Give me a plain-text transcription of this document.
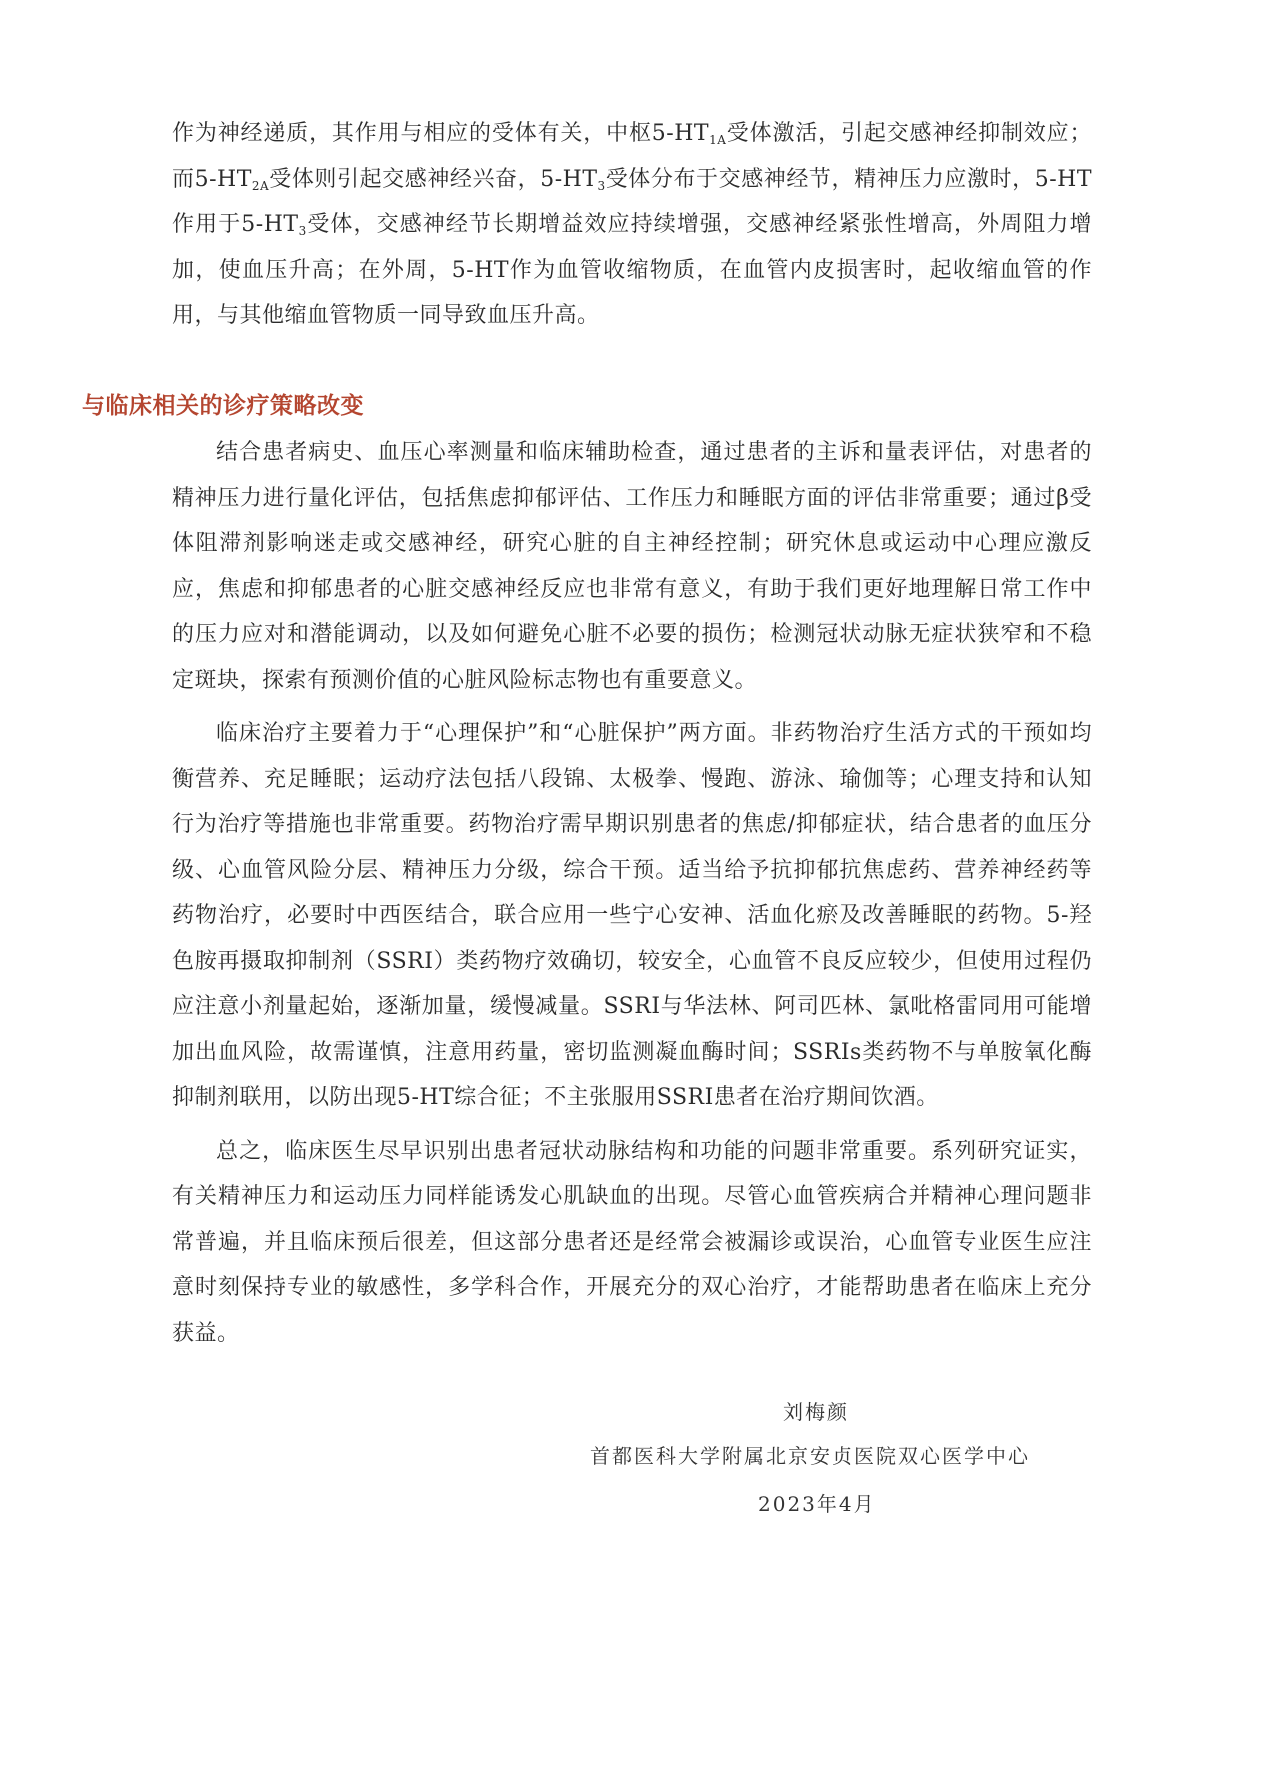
作为神经递质，其作用与相应的受体有关，中枢$5-HT_{1A}$受体激活，引起交感神经抑制效应；而$5-HT_{2A}$受体则引起交感神经兴奋，$5-HT_3$受体分布于交感神经节，精神压力应激时，5-HT作用于$5-HT_3$受体，交感神经节长期增益效应持续增强，交感神经紧张性增高，外周阻力增加，使血压升高；在外周，5-HT作为血管收缩物质，在血管内皮损害时，起收缩血管的作用，与其他缩血管物质一同导致血压升高。

与临床相关的诊疗策略改变

结合患者病史、血压心率测量和临床辅助检查，通过患者的主诉和量表评估，对患者的精神压力进行量化评估，包括焦虑抑郁评估、工作压力和睡眠方面的评估非常重要；通过β受体阻滞剂影响迷走或交感神经，研究心脏的自主神经控制；研究休息或运动中心理应激反应，焦虑和抑郁患者的心脏交感神经反应也非常有意义，有助于我们更好地理解日常工作中的压力应对和潜能调动，以及如何避免心脏不必要的损伤；检测冠状动脉无症状狭窄和不稳定斑块，探索有预测价值的心脏风险标志物也有重要意义。

临床治疗主要着力于“心理保护”和“心脏保护”两方面。非药物治疗生活方式的干预如均衡营养、充足睡眠；运动疗法包括八段锦、太极拳、慢跑、游泳、瑜伽等；心理支持和认知行为治疗等措施也非常重要。药物治疗需早期识别患者的焦虑/抑郁症状，结合患者的血压分级、心血管风险分层、精神压力分级，综合干预。适当给予抗抑郁抗焦虑药、营养神经药等药物治疗，必要时中西医结合，联合应用一些宁心安神、活血化瘀及改善睡眠的药物。5-羟色胺再摄取抑制剂（SSRI）类药物疗效确切，较安全，心血管不良反应较少，但使用过程仍应注意小剂量起始，逐渐加量，缓慢减量。SSRI与华法林、阿司匹林、氯吡格雷同用可能增加出血风险，故需谨慎，注意用药量，密切监测凝血酶时间；SSRIs类药物不与单胺氧化酶抑制剂联用，以防出现5-HT综合征；不主张服用SSRI患者在治疗期间饮酒。

总之，临床医生尽早识别出患者冠状动脉结构和功能的问题非常重要。系列研究证实，有关精神压力和运动压力同样能诱发心肌缺血的出现。尽管心血管疾病合并精神心理问题非常普遍，并且临床预后很差，但这部分患者还是经常会被漏诊或误治，心血管专业医生应注意时刻保持专业的敏感性，多学科合作，开展充分的双心治疗，才能帮助患者在临床上充分获益。

刘梅颜
首都医科大学附属北京安贞医院双心医学中心
2023年4月
